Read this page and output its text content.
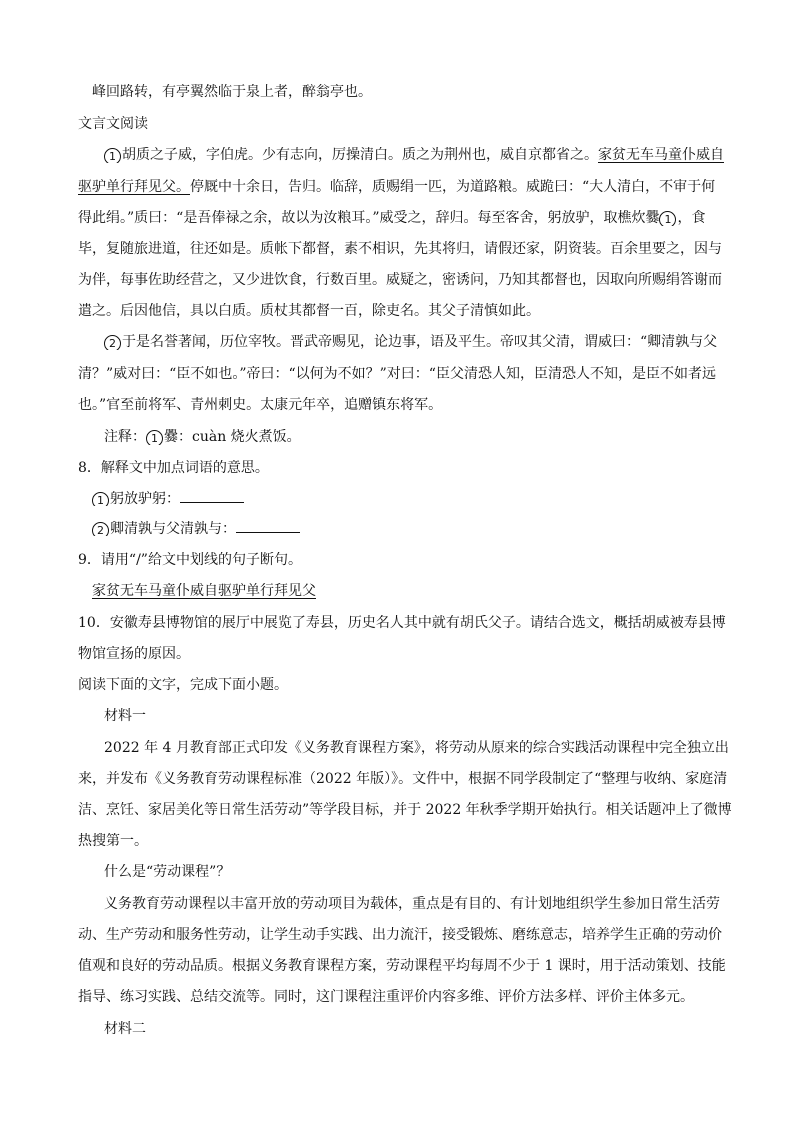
峰回路转，有亭翼然临于泉上者，醉翁亭也。
文言文阅读
1 胡质之子威，字伯虎。少有志向，厉操清白。质之为荆州也，威自京都省之。家贫无车马童仆威自
驱驴单行拜见父。停厩中十余日，告归。临辞，质赐绢一匹，为道路粮。威跪曰：“大人清白，不审于何
得此绢。”质曰：“是吾俸禄之余，故以为汝粮耳。”威受之，辞归。每至客舍，躬放驴，取樵炊爨 1 ，食
毕，复随旅进道，往还如是。质帐下都督，素不相识，先其将归，请假还家，阴资装。百余里要之，因与
为伴，每事佐助经营之，又少进饮食，行数百里。威疑之，密诱问，乃知其都督也，因取向所赐绢答谢而
遣之。后因他信，具以白质。质杖其都督一百，除吏名。其父子清慎如此。
2 于是名誉著闻，历位宰牧。晋武帝赐见，论边事，语及平生。帝叹其父清，谓威曰：“卿清孰与父
清？”威对曰：“臣不如也。”帝曰：“以何为不如？”对曰：“臣父清恐人知，臣清恐人不知，是臣不如者远
也。”官至前将军、青州刺史。太康元年卒，追赠镇东将军。
注释： 1 爨：cuàn 烧火煮饭。
8．解释文中加点词语的意思。
1 躬放驴躬：
2 卿清孰与父清孰与：
9．请用“/”给文中划线的句子断句。
家贫无车马童仆威自驱驴单行拜见父
10．安徽寿县博物馆的展厅中展览了寿县，历史名人其中就有胡氏父子。请结合选文，概括胡威被寿县博
物馆宣扬的原因。
阅读下面的文字，完成下面小题。
材料一
2022 年 4 月教育部正式印发《义务教育课程方案》，将劳动从原来的综合实践活动课程中完全独立出
来，并发布《义务教育劳动课程标准（2022 年版）》。文件中，根据不同学段制定了“整理与收纳、家庭清
洁、烹饪、家居美化等日常生活劳动”等学段目标，并于 2022 年秋季学期开始执行。相关话题冲上了微博
热搜第一。
什么是“劳动课程”？
义务教育劳动课程以丰富开放的劳动项目为载体，重点是有目的、有计划地组织学生参加日常生活劳
动、生产劳动和服务性劳动，让学生动手实践、出力流汗，接受锻炼、磨练意志，培养学生正确的劳动价
值观和良好的劳动品质。根据义务教育课程方案，劳动课程平均每周不少于 1 课时，用于活动策划、技能
指导、练习实践、总结交流等。同时，这门课程注重评价内容多维、评价方法多样、评价主体多元。
材料二
